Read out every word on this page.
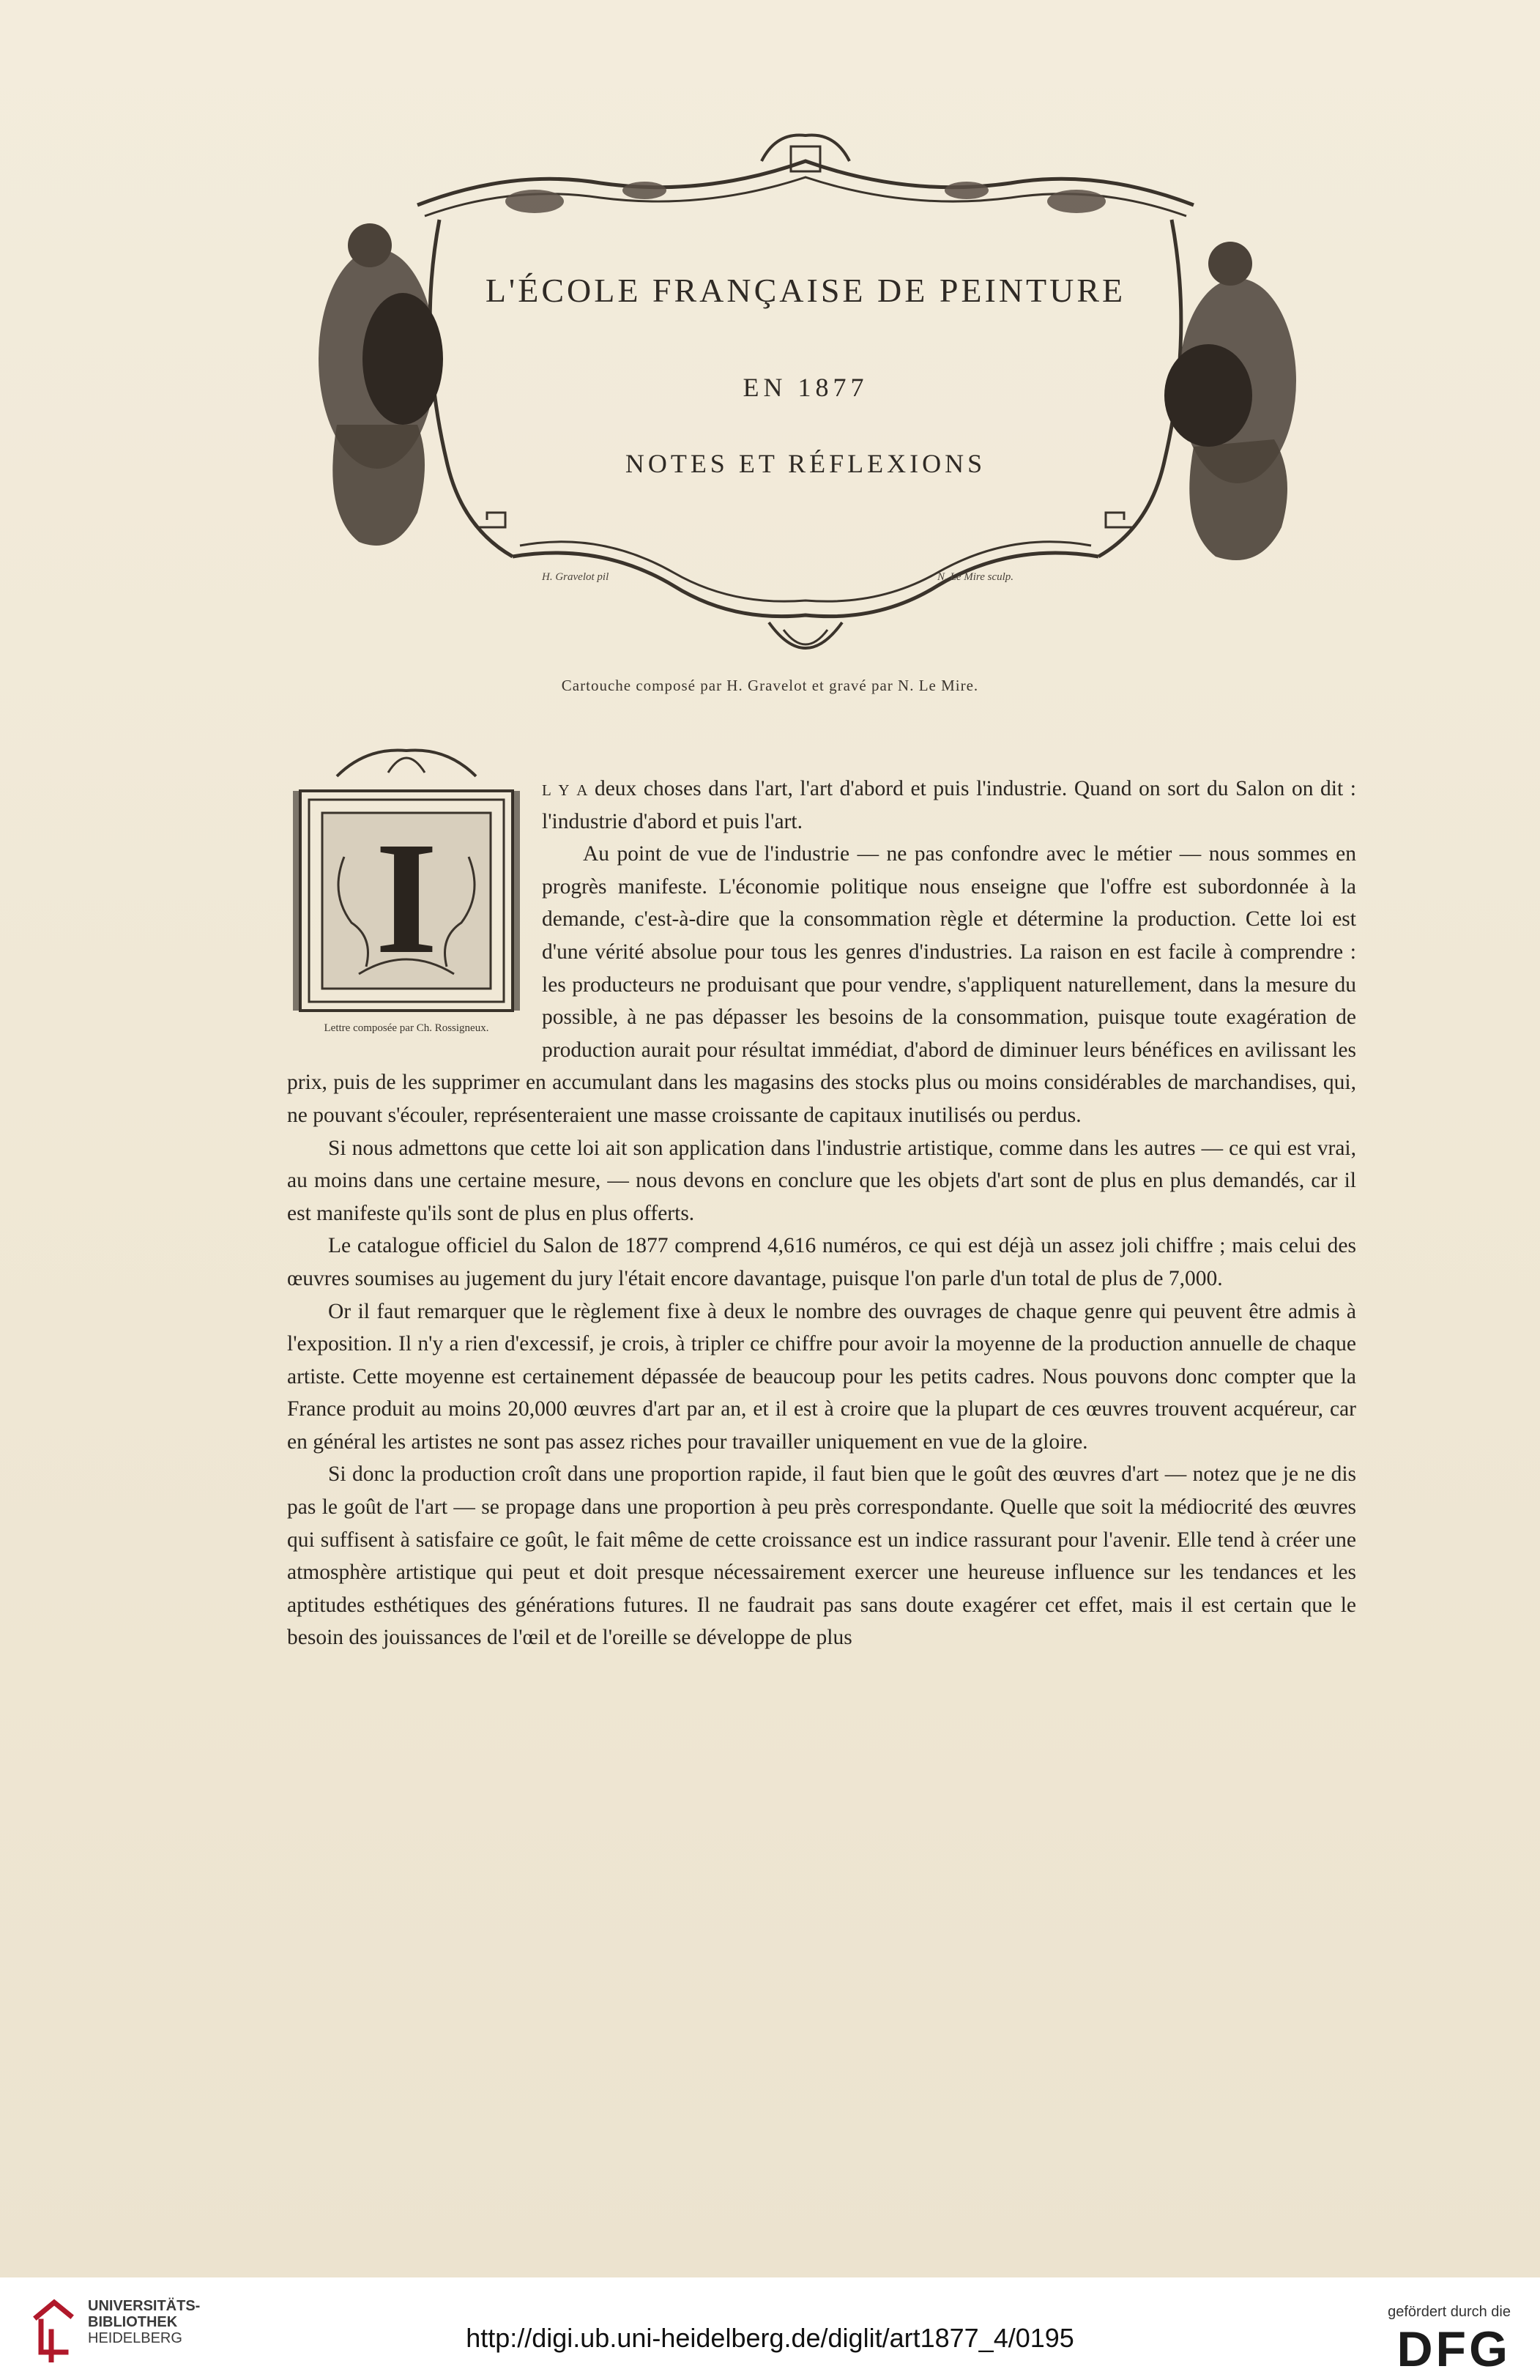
L'ÉCOLE FRANÇAISE DE PEINTURE
EN 1877
NOTES ET RÉFLEXIONS
H. Gravelot pil	N. Le Mire sculp.
Cartouche composé par H. Gravelot et gravé par N. Le Mire.
I
Lettre composée par Ch. Rossigneux.

l y a deux choses dans l'art, l'art d'abord et puis l'industrie. Quand on sort du Salon on dit : l'industrie d'abord et puis l'art.

Au point de vue de l'industrie — ne pas confondre avec le métier — nous sommes en progrès manifeste. L'économie politique nous enseigne que l'offre est subordonnée à la demande, c'est-à-dire que la consommation règle et détermine la production. Cette loi est d'une vérité absolue pour tous les genres d'industries. La raison en est facile à comprendre : les producteurs ne produisant que pour vendre, s'appliquent naturellement, dans la mesure du possible, à ne pas dépasser les besoins de la consommation, puisque toute exagération de production aurait pour résultat immédiat, d'abord de diminuer leurs bénéfices en avilissant les prix, puis de les supprimer en accumulant dans les magasins des stocks plus ou moins considérables de marchandises, qui, ne pouvant s'écouler, représenteraient une masse croissante de capitaux inutilisés ou perdus.

Si nous admettons que cette loi ait son application dans l'industrie artistique, comme dans les autres — ce qui est vrai, au moins dans une certaine mesure, — nous devons en conclure que les objets d'art sont de plus en plus demandés, car il est manifeste qu'ils sont de plus en plus offerts.

Le catalogue officiel du Salon de 1877 comprend 4,616 numéros, ce qui est déjà un assez joli chiffre ; mais celui des œuvres soumises au jugement du jury l'était encore davantage, puisque l'on parle d'un total de plus de 7,000.

Or il faut remarquer que le règlement fixe à deux le nombre des ouvrages de chaque genre qui peuvent être admis à l'exposition. Il n'y a rien d'excessif, je crois, à tripler ce chiffre pour avoir la moyenne de la production annuelle de chaque artiste. Cette moyenne est certainement dépassée de beaucoup pour les petits cadres. Nous pouvons donc compter que la France produit au moins 20,000 œuvres d'art par an, et il est à croire que la plupart de ces œuvres trouvent acquéreur, car en général les artistes ne sont pas assez riches pour travailler uniquement en vue de la gloire.

Si donc la production croît dans une proportion rapide, il faut bien que le goût des œuvres d'art — notez que je ne dis pas le goût de l'art — se propage dans une proportion à peu près correspondante. Quelle que soit la médiocrité des œuvres qui suffisent à satisfaire ce goût, le fait même de cette croissance est un indice rassurant pour l'avenir. Elle tend à créer une atmosphère artistique qui peut et doit presque nécessairement exercer une heureuse influence sur les tendances et les aptitudes esthétiques des générations futures. Il ne faudrait pas sans doute exagérer cet effet, mais il est certain que le besoin des jouissances de l'œil et de l'oreille se développe de plus

UNIVERSITÄTS-
BIBLIOTHEK
HEIDELBERG	http://digi.ub.uni-heidelberg.de/diglit/art1877_4/0195
gefördert durch die
DFG
